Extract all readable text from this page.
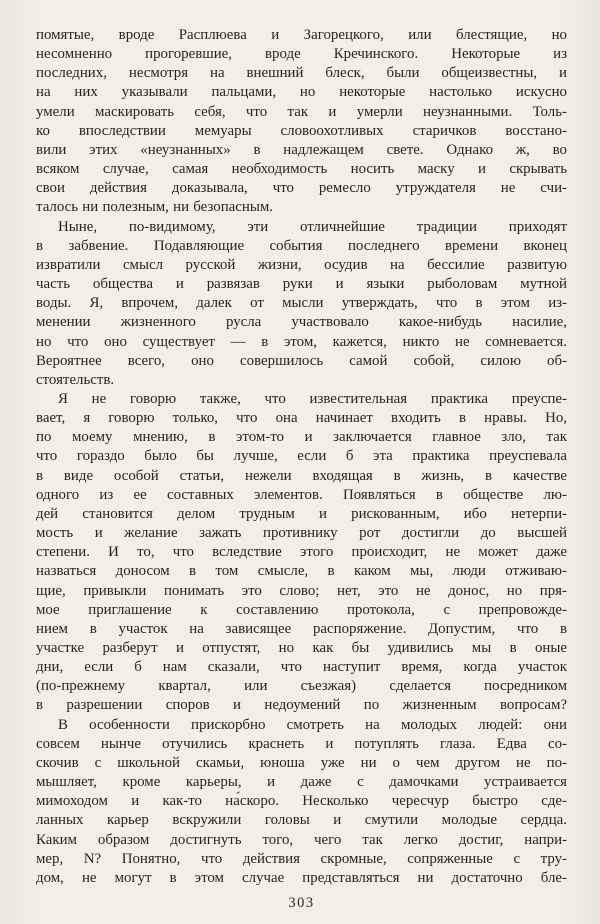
помятые, вроде Расплюева и Загорецкого, или блестящие, но
несомненно прогоревшие, вроде Кречинского. Некоторые из
последних, несмотря на внешний блеск, были общеизвестны, и
на них указывали пальцами, но некоторые настолько искусно
умели маскировать себя, что так и умерли неузнанными. Толь-
ко впоследствии мемуары словоохотливых старичков восстано-
вили этих «неузнанных» в надлежащем свете. Однако ж, во
всяком случае, самая необходимость носить маску и скрывать
свои действия доказывала, что ремесло утруждателя не счи-
талось ни полезным, ни безопасным.
Ныне, по-видимому, эти отличнейшие традиции приходят
в забвение. Подавляющие события последнего времени вконец
извратили смысл русской жизни, осудив на бессилие развитую
часть общества и развязав руки и языки рыболовам мутной
воды. Я, впрочем, далек от мысли утверждать, что в этом из-
менении жизненного русла участвовало какое-нибудь насилие,
но что оно существует — в этом, кажется, никто не сомневается.
Вероятнее всего, оно совершилось самой собой, силою об-
стоятельств.
Я не говорю также, что известительная практика преуспе-
вает, я говорю только, что она начинает входить в нравы. Но,
по моему мнению, в этом-то и заключается главное зло, так
что гораздо было бы лучше, если б эта практика преуспевала
в виде особой статьи, нежели входящая в жизнь, в качестве
одного из ее составных элементов. Появляться в обществе лю-
дей становится делом трудным и рискованным, ибо нетерпи-
мость и желание зажать противнику рот достигли до высшей
степени. И то, что вследствие этого происходит, не может даже
назваться доносом в том смысле, в каком мы, люди отживаю-
щие, привыкли понимать это слово; нет, это не донос, но пря-
мое приглашение к составлению протокола, с препровожде-
нием в участок на зависящее распоряжение. Допустим, что в
участке разберут и отпустят, но как бы удивились мы в оные
дни, если б нам сказали, что наступит время, когда участок
(по-прежнему квартал, или съезжая) сделается посредником
в разрешении споров и недоумений по жизненным вопросам?
В особенности прискорбно смотреть на молодых людей: они
совсем нынче отучились краснеть и потуплять глаза. Едва со-
скочив с школьной скамьи, юноша уже ни о чем другом не по-
мышляет, кроме карьеры, и даже с дамочками устраивается
мимоходом и как-то на́скоро. Несколько чересчур быстро сде-
ланных карьер вскружили головы и смутили молодые сердца.
Каким образом достигнуть того, чего так легко достиг, напри-
мер, N? Понятно, что действия скромные, сопряженные с тру-
дом, не могут в этом случае представляться ни достаточно бле-
303
